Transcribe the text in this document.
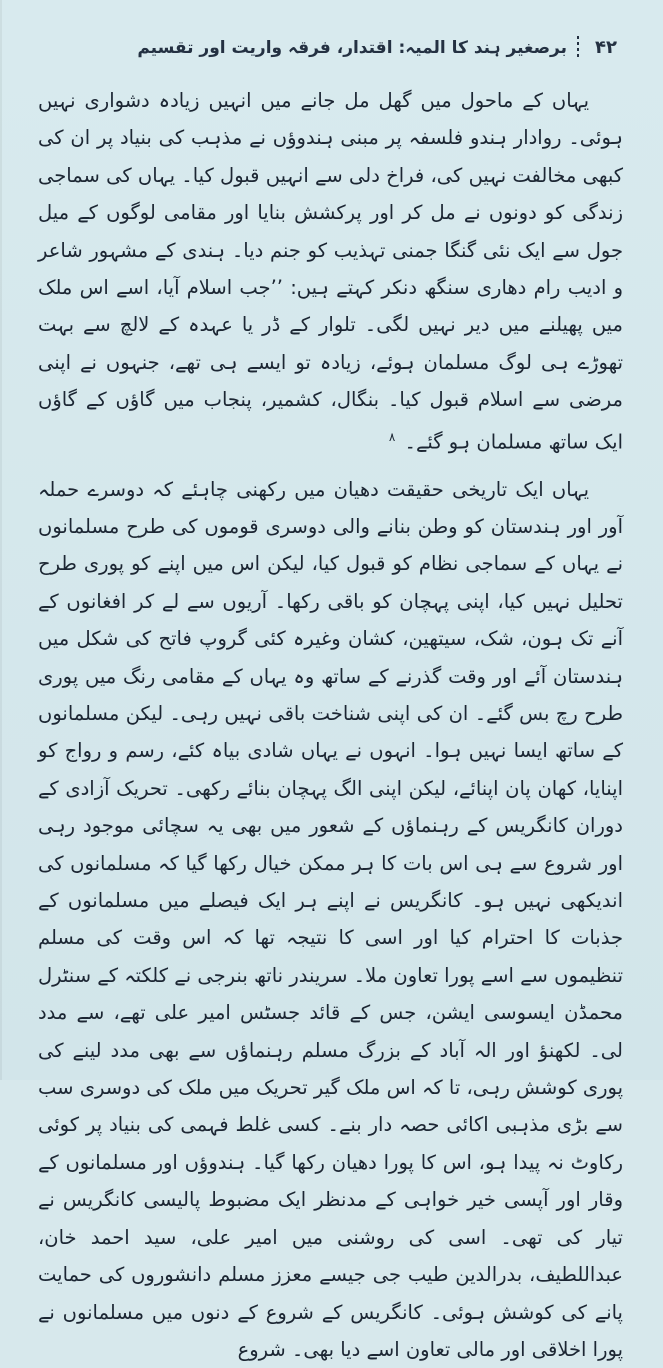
۴۲
برصغیر ہند کا المیہ: اقتدار، فرقہ واریت اور تقسیم

یہاں کے ماحول میں گھل مل جانے میں انہیں زیادہ دشواری نہیں ہوئی۔ روادار ہندو فلسفہ پر مبنی ہندوؤں نے مذہب کی بنیاد پر ان کی کبھی مخالفت نہیں کی، فراخ دلی سے انہیں قبول کیا۔ یہاں کی سماجی زندگی کو دونوں نے مل کر اور پرکشش بنایا اور مقامی لوگوں کے میل جول سے ایک نئی گنگا جمنی تہذیب کو جنم دیا۔ ہندی کے مشہور شاعر و ادیب رام دھاری سنگھ دنکر کہتے ہیں: ’’جب اسلام آیا، اسے اس ملک میں پھیلنے میں دیر نہیں لگی۔ تلوار کے ڈر یا عہدہ کے لالچ سے بہت تھوڑے ہی لوگ مسلمان ہوئے، زیادہ تو ایسے ہی تھے، جنہوں نے اپنی مرضی سے اسلام قبول کیا۔ بنگال، کشمیر، پنجاب میں گاؤں کے گاؤں ایک ساتھ مسلمان ہو گئے۔ $^۸$

یہاں ایک تاریخی حقیقت دھیان میں رکھنی چاہئے کہ دوسرے حملہ آور اور ہندستان کو وطن بنانے والی دوسری قوموں کی طرح مسلمانوں نے یہاں کے سماجی نظام کو قبول کیا، لیکن اس میں اپنے کو پوری طرح تحلیل نہیں کیا، اپنی پہچان کو باقی رکھا۔ آریوں سے لے کر افغانوں کے آنے تک ہون، شک، سیتھین، کشان وغیرہ کئی گروپ فاتح کی شکل میں ہندستان آئے اور وقت گذرنے کے ساتھ وہ یہاں کے مقامی رنگ میں پوری طرح رچ بس گئے۔ ان کی اپنی شناخت باقی نہیں رہی۔ لیکن مسلمانوں کے ساتھ ایسا نہیں ہوا۔ انہوں نے یہاں شادی بیاہ کئے، رسم و رواج کو اپنایا، کھان پان اپنائے، لیکن اپنی الگ پہچان بنائے رکھی۔ تحریک آزادی کے دوران کانگریس کے رہنماؤں کے شعور میں بھی یہ سچائی موجود رہی اور شروع سے ہی اس بات کا ہر ممکن خیال رکھا گیا کہ مسلمانوں کی اندیکھی نہیں ہو۔ کانگریس نے اپنے ہر ایک فیصلے میں مسلمانوں کے جذبات کا احترام کیا اور اسی کا نتیجہ تھا کہ اس وقت کی مسلم تنظیموں سے اسے پورا تعاون ملا۔ سریندر ناتھ بنرجی نے کلکتہ کے سنٹرل محمڈن ایسوسی ایشن، جس کے قائد جسٹس امیر علی تھے، سے مدد لی۔ لکھنؤ اور الہ آباد کے بزرگ مسلم رہنماؤں سے بھی مدد لینے کی پوری کوشش رہی، تا کہ اس ملک گیر تحریک میں ملک کی دوسری سب سے بڑی مذہبی اکائی حصہ دار بنے۔ کسی غلط فہمی کی بنیاد پر کوئی رکاوٹ نہ پیدا ہو، اس کا پورا دھیان رکھا گیا۔ ہندوؤں اور مسلمانوں کے وقار اور آپسی خیر خواہی کے مدنظر ایک مضبوط پالیسی کانگریس نے تیار کی تھی۔ اسی کی روشنی میں امیر علی، سید احمد خان، عبداللطیف، بدرالدین طیب جی جیسے معزز مسلم دانشوروں کی حمایت پانے کی کوشش ہوئی۔ کانگریس کے شروع کے دنوں میں مسلمانوں نے پورا اخلاقی اور مالی تعاون اسے دیا بھی۔ شروع
